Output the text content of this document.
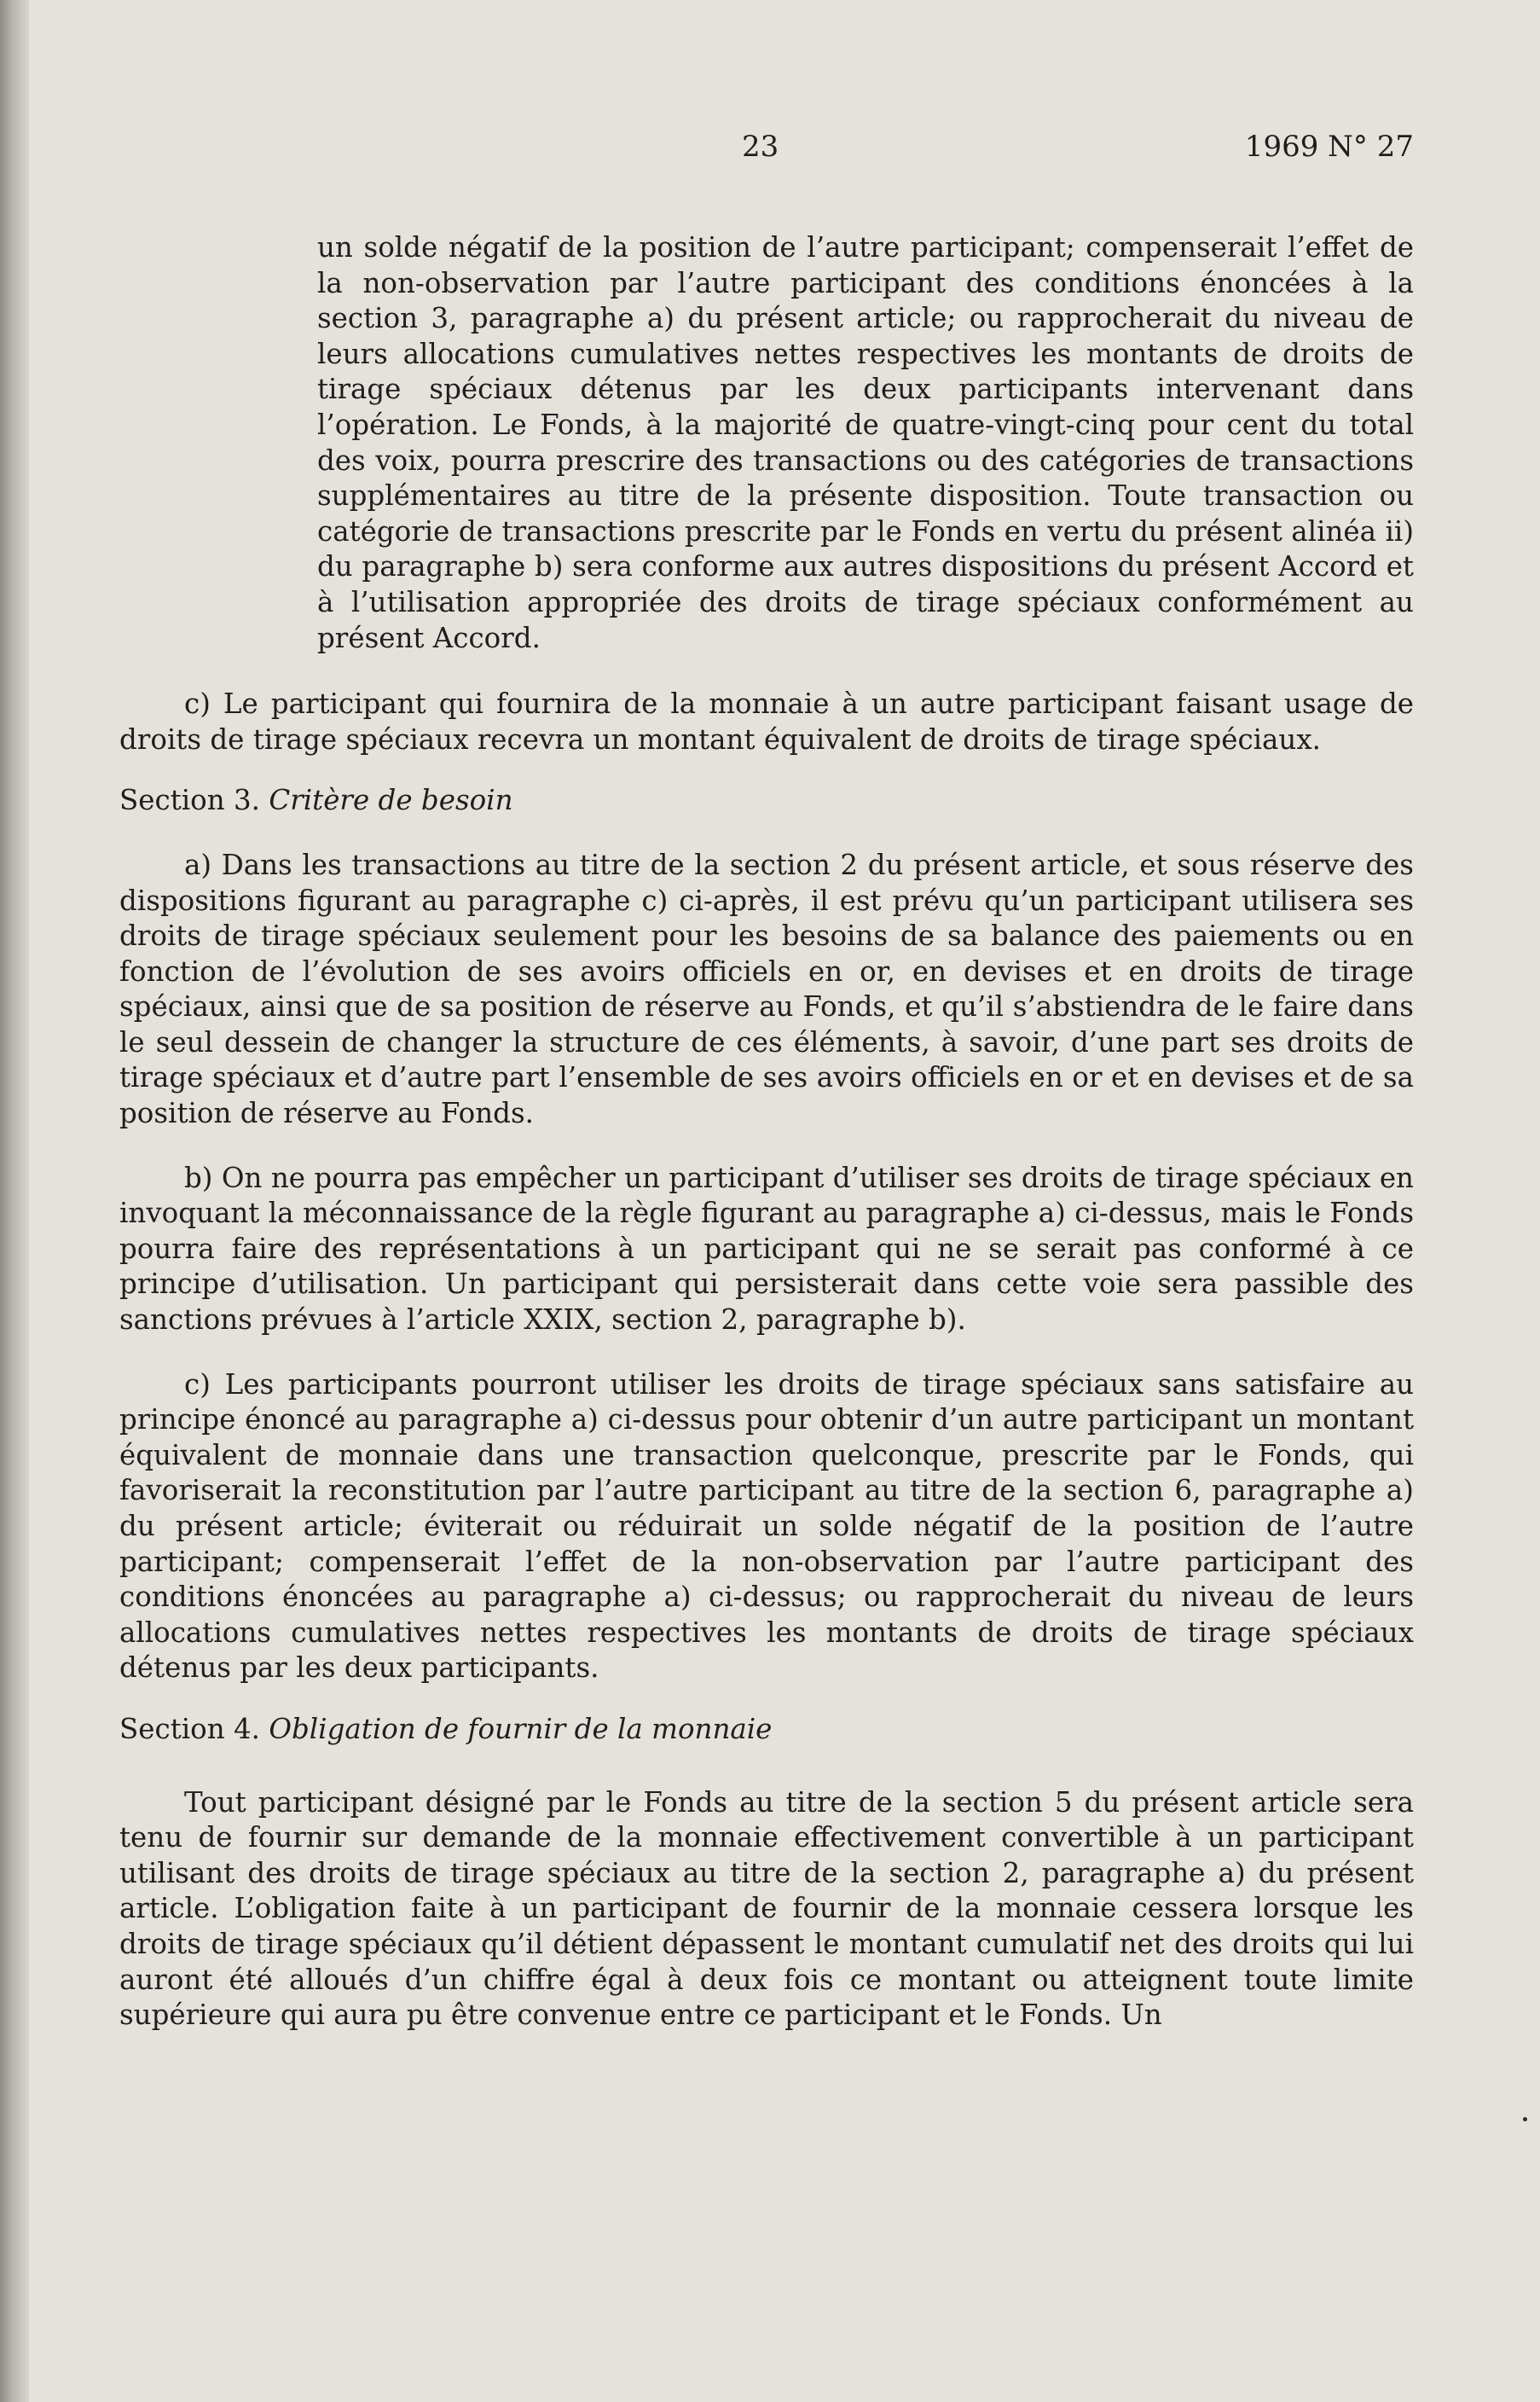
23	1969 N° 27

un solde négatif de la position de l’autre participant; compenserait l’effet de la non-observation par l’autre participant des conditions énoncées à la section 3, paragraphe a) du présent article; ou rapprocherait du niveau de leurs allocations cumulatives nettes respectives les montants de droits de tirage spéciaux détenus par les deux participants intervenant dans l’opération. Le Fonds, à la majorité de quatre-vingt-cinq pour cent du total des voix, pourra prescrire des transactions ou des catégories de transactions supplémentaires au titre de la présente disposition. Toute transaction ou catégorie de transactions prescrite par le Fonds en vertu du présent alinéa ii) du paragraphe b) sera conforme aux autres dispositions du présent Accord et à l’utilisation appropriée des droits de tirage spéciaux conformément au présent Accord.

c) Le participant qui fournira de la monnaie à un autre participant faisant usage de droits de tirage spéciaux recevra un montant équivalent de droits de tirage spéciaux.

Section 3. Critère de besoin

a) Dans les transactions au titre de la section 2 du présent article, et sous réserve des dispositions figurant au paragraphe c) ci-après, il est prévu qu’un participant utilisera ses droits de tirage spéciaux seulement pour les besoins de sa balance des paiements ou en fonction de l’évolution de ses avoirs officiels en or, en devises et en droits de tirage spéciaux, ainsi que de sa position de réserve au Fonds, et qu’il s’abstiendra de le faire dans le seul dessein de changer la structure de ces éléments, à savoir, d’une part ses droits de tirage spéciaux et d’autre part l’ensemble de ses avoirs officiels en or et en devises et de sa position de réserve au Fonds.

b) On ne pourra pas empêcher un participant d’utiliser ses droits de tirage spéciaux en invoquant la méconnaissance de la règle figurant au paragraphe a) ci-dessus, mais le Fonds pourra faire des représentations à un participant qui ne se serait pas conformé à ce principe d’utilisation. Un participant qui persisterait dans cette voie sera passible des sanctions prévues à l’article XXIX, section 2, paragraphe b).

c) Les participants pourront utiliser les droits de tirage spéciaux sans satisfaire au principe énoncé au paragraphe a) ci-dessus pour obtenir d’un autre participant un montant équivalent de monnaie dans une transaction quelconque, prescrite par le Fonds, qui favoriserait la reconstitution par l’autre participant au titre de la section 6, paragraphe a) du présent article; éviterait ou réduirait un solde négatif de la position de l’autre participant; compenserait l’effet de la non-observation par l’autre participant des conditions énoncées au paragraphe a) ci-dessus; ou rapprocherait du niveau de leurs allocations cumulatives nettes respectives les montants de droits de tirage spéciaux détenus par les deux participants.

Section 4. Obligation de fournir de la monnaie

Tout participant désigné par le Fonds au titre de la section 5 du présent article sera tenu de fournir sur demande de la monnaie effectivement convertible à un participant utilisant des droits de tirage spéciaux au titre de la section 2, paragraphe a) du présent article. L’obligation faite à un participant de fournir de la monnaie cessera lorsque les droits de tirage spéciaux qu’il détient dépassent le montant cumulatif net des droits qui lui auront été alloués d’un chiffre égal à deux fois ce montant ou atteignent toute limite supérieure qui aura pu être convenue entre ce participant et le Fonds. Un
